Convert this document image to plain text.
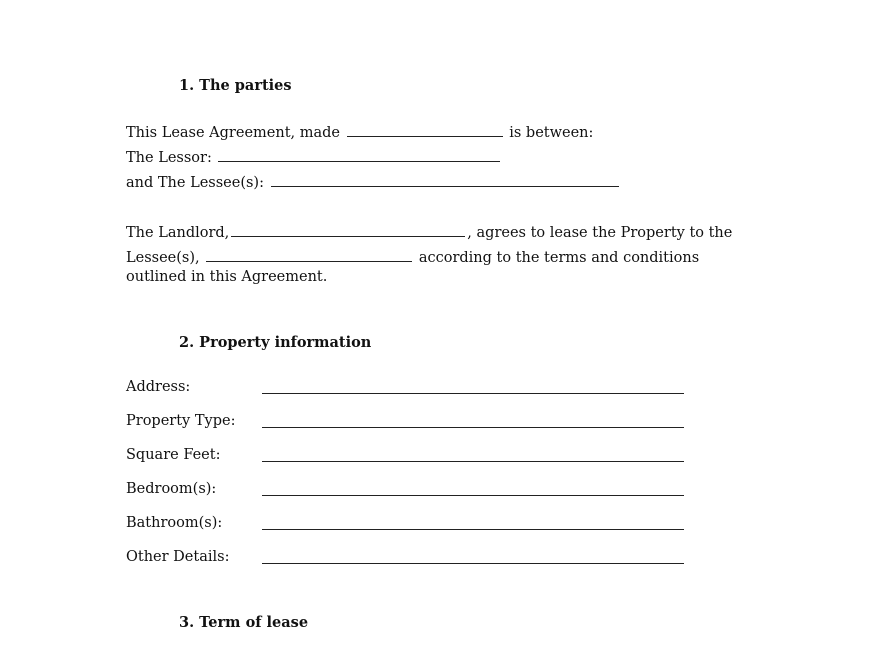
1. The parties
This Lease Agreement, made	is between:
The Lessor:
and The Lessee(s):
The Landlord,	, agrees to lease the Property to the
Lessee(s),	according to the terms and conditions
outlined in this Agreement.
2. Property information
Address:
Property Type:
Square Feet:
Bedroom(s):
Bathroom(s):
Other Details:
3. Term of lease
